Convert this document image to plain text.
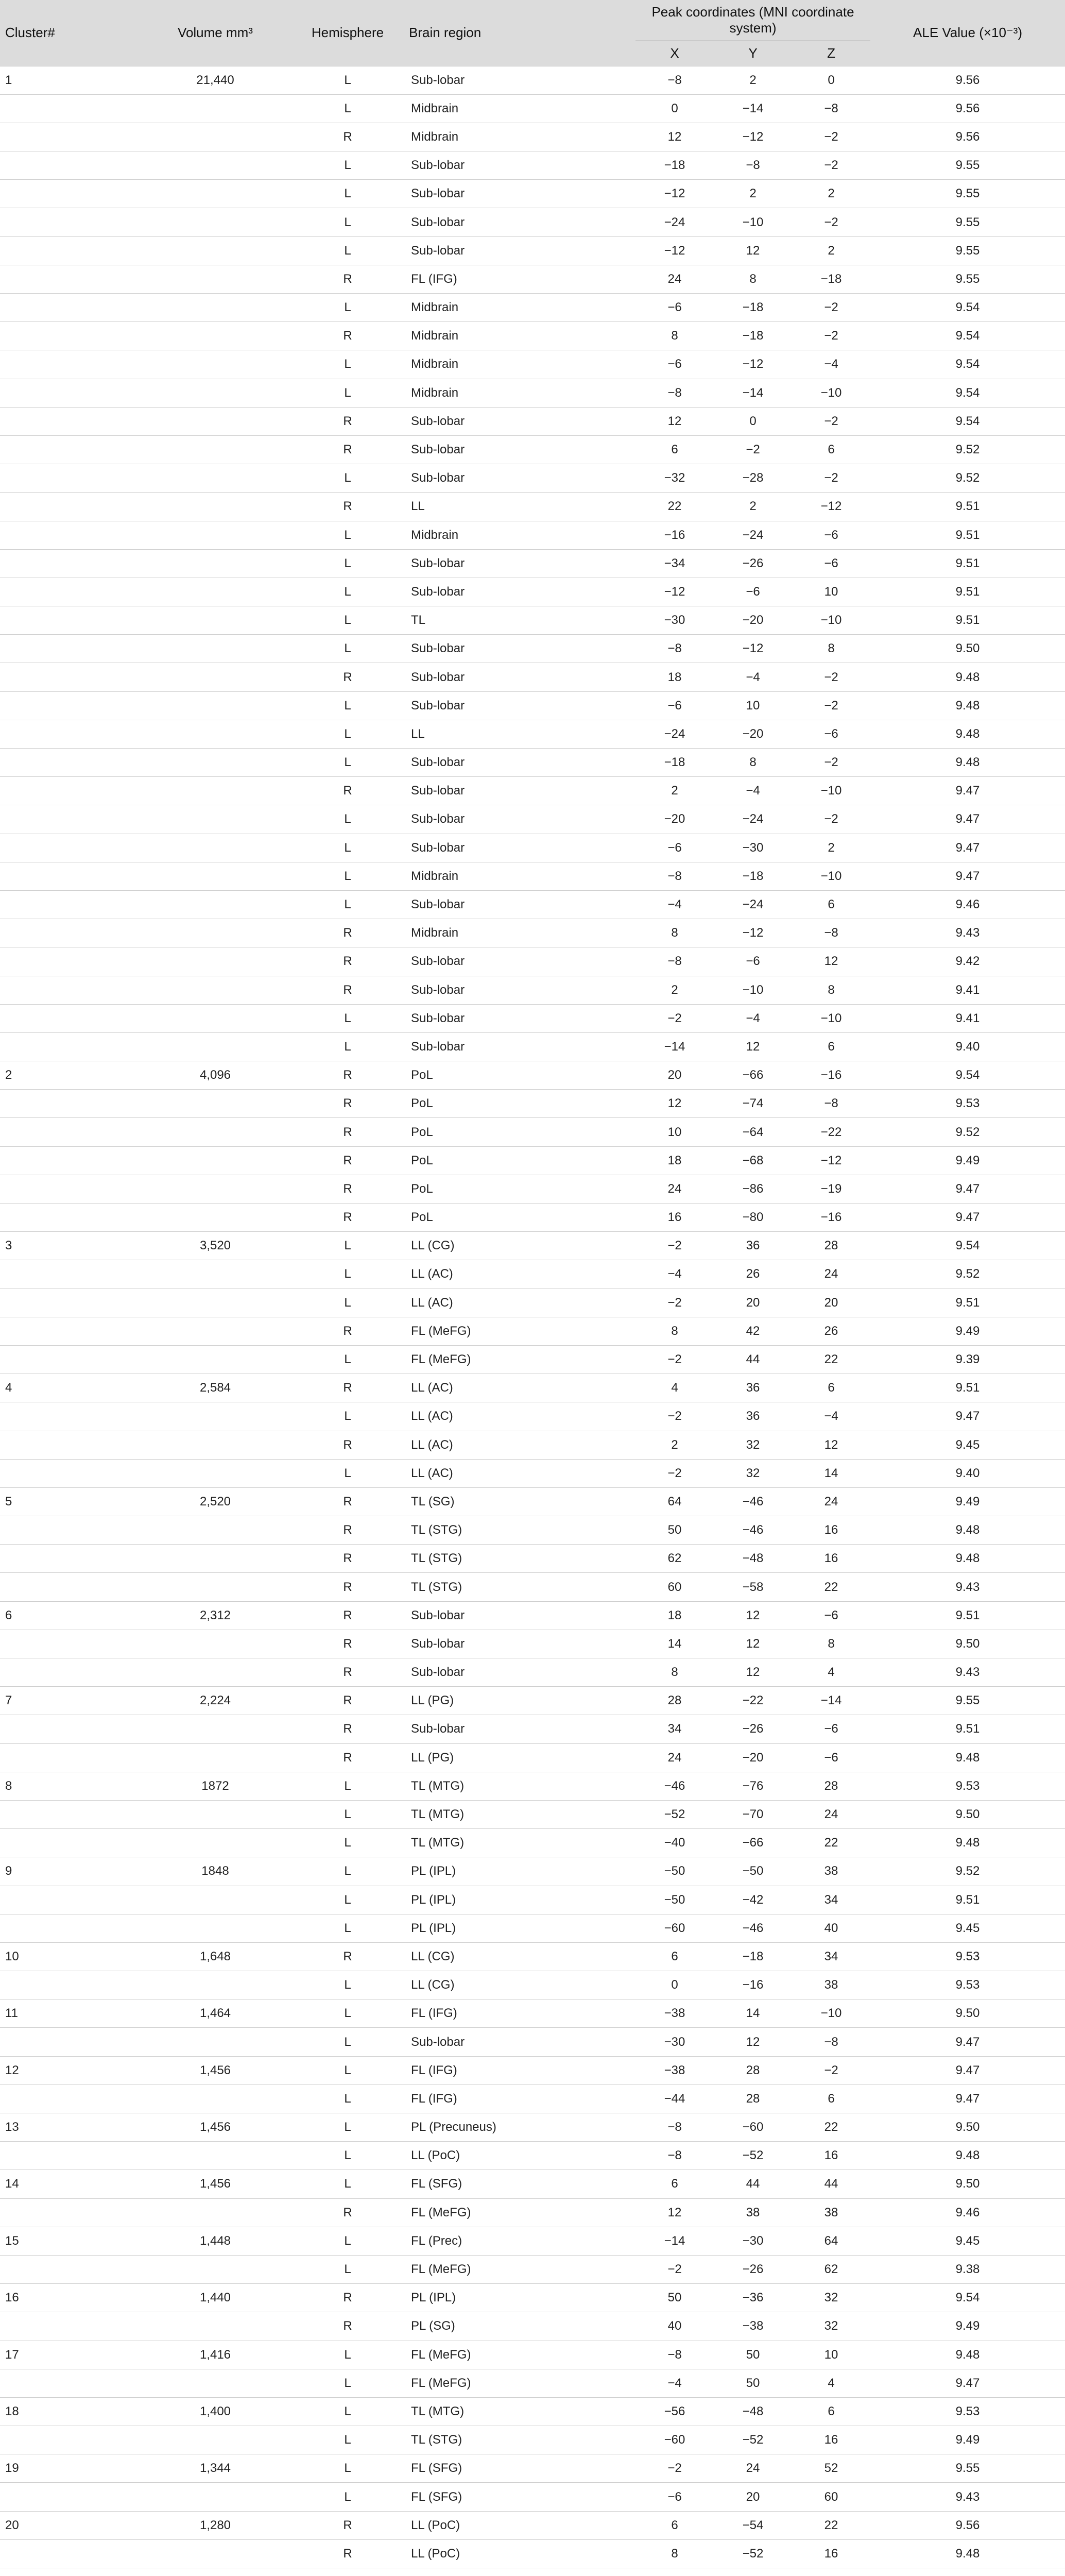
Cluster#	Volume mm³	Hemisphere	Brain region	Peak coordinates (MNI coordinate system)			ALE Value (×10⁻³)
				X	Y	Z	
1	21,440	L	Sub-lobar	−8	2	0	9.56
		L	Midbrain	0	−14	−8	9.56
		R	Midbrain	12	−12	−2	9.56
		L	Sub-lobar	−18	−8	−2	9.55
		L	Sub-lobar	−12	2	2	9.55
		L	Sub-lobar	−24	−10	−2	9.55
		L	Sub-lobar	−12	12	2	9.55
		R	FL (IFG)	24	8	−18	9.55
		L	Midbrain	−6	−18	−2	9.54
		R	Midbrain	8	−18	−2	9.54
		L	Midbrain	−6	−12	−4	9.54
		L	Midbrain	−8	−14	−10	9.54
		R	Sub-lobar	12	0	−2	9.54
		R	Sub-lobar	6	−2	6	9.52
		L	Sub-lobar	−32	−28	−2	9.52
		R	LL	22	2	−12	9.51
		L	Midbrain	−16	−24	−6	9.51
		L	Sub-lobar	−34	−26	−6	9.51
		L	Sub-lobar	−12	−6	10	9.51
		L	TL	−30	−20	−10	9.51
		L	Sub-lobar	−8	−12	8	9.50
		R	Sub-lobar	18	−4	−2	9.48
		L	Sub-lobar	−6	10	−2	9.48
		L	LL	−24	−20	−6	9.48
		L	Sub-lobar	−18	8	−2	9.48
		R	Sub-lobar	2	−4	−10	9.47
		L	Sub-lobar	−20	−24	−2	9.47
		L	Sub-lobar	−6	−30	2	9.47
		L	Midbrain	−8	−18	−10	9.47
		L	Sub-lobar	−4	−24	6	9.46
		R	Midbrain	8	−12	−8	9.43
		R	Sub-lobar	−8	−6	12	9.42
		R	Sub-lobar	2	−10	8	9.41
		L	Sub-lobar	−2	−4	−10	9.41
		L	Sub-lobar	−14	12	6	9.40
2	4,096	R	PoL	20	−66	−16	9.54
		R	PoL	12	−74	−8	9.53
		R	PoL	10	−64	−22	9.52
		R	PoL	18	−68	−12	9.49
		R	PoL	24	−86	−19	9.47
		R	PoL	16	−80	−16	9.47
3	3,520	L	LL (CG)	−2	36	28	9.54
		L	LL (AC)	−4	26	24	9.52
		L	LL (AC)	−2	20	20	9.51
		R	FL (MeFG)	8	42	26	9.49
		L	FL (MeFG)	−2	44	22	9.39
4	2,584	R	LL (AC)	4	36	6	9.51
		L	LL (AC)	−2	36	−4	9.47
		R	LL (AC)	2	32	12	9.45
		L	LL (AC)	−2	32	14	9.40
5	2,520	R	TL (SG)	64	−46	24	9.49
		R	TL (STG)	50	−46	16	9.48
		R	TL (STG)	62	−48	16	9.48
		R	TL (STG)	60	−58	22	9.43
6	2,312	R	Sub-lobar	18	12	−6	9.51
		R	Sub-lobar	14	12	8	9.50
		R	Sub-lobar	8	12	4	9.43
7	2,224	R	LL (PG)	28	−22	−14	9.55
		R	Sub-lobar	34	−26	−6	9.51
		R	LL (PG)	24	−20	−6	9.48
8	1872	L	TL (MTG)	−46	−76	28	9.53
		L	TL (MTG)	−52	−70	24	9.50
		L	TL (MTG)	−40	−66	22	9.48
9	1848	L	PL (IPL)	−50	−50	38	9.52
		L	PL (IPL)	−50	−42	34	9.51
		L	PL (IPL)	−60	−46	40	9.45
10	1,648	R	LL (CG)	6	−18	34	9.53
		L	LL (CG)	0	−16	38	9.53
11	1,464	L	FL (IFG)	−38	14	−10	9.50
		L	Sub-lobar	−30	12	−8	9.47
12	1,456	L	FL (IFG)	−38	28	−2	9.47
		L	FL (IFG)	−44	28	6	9.47
13	1,456	L	PL (Precuneus)	−8	−60	22	9.50
		L	LL (PoC)	−8	−52	16	9.48
14	1,456	L	FL (SFG)	6	44	44	9.50
		R	FL (MeFG)	12	38	38	9.46
15	1,448	L	FL (Prec)	−14	−30	64	9.45
		L	FL (MeFG)	−2	−26	62	9.38
16	1,440	R	PL (IPL)	50	−36	32	9.54
		R	PL (SG)	40	−38	32	9.49
17	1,416	L	FL (MeFG)	−8	50	10	9.48
		L	FL (MeFG)	−4	50	4	9.47
18	1,400	L	TL (MTG)	−56	−48	6	9.53
		L	TL (STG)	−60	−52	16	9.49
19	1,344	L	FL (SFG)	−2	24	52	9.55
		L	FL (SFG)	−6	20	60	9.43
20	1,280	R	LL (PoC)	6	−54	22	9.56
		R	LL (PoC)	8	−52	16	9.48
